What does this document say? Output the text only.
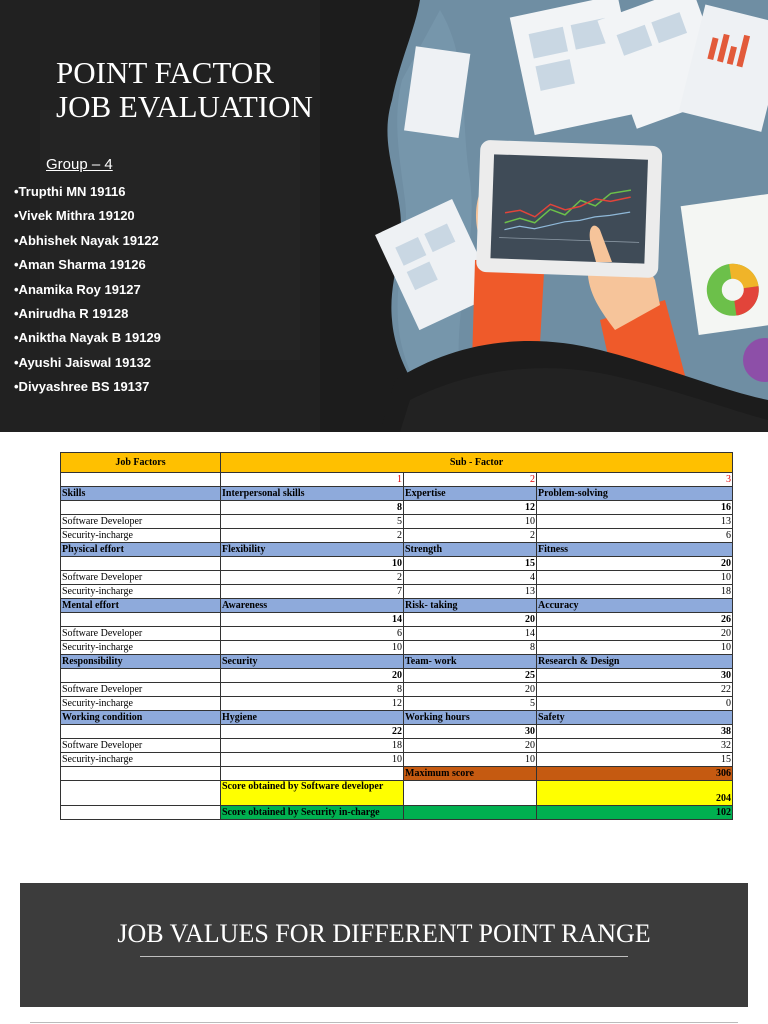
POINT FACTOR
JOB EVALUATION
Group – 4
•Trupthi MN 19116
•Vivek Mithra 19120
•Abhishek Nayak 19122
•Aman Sharma 19126
•Anamika Roy 19127
•Anirudha R 19128
•Aniktha Nayak B 19129
•Ayushi Jaiswal 19132
•Divyashree BS 19137
Job Factors	Sub - Factor		
	1	2	3
Skills	Interpersonal skills	Expertise	Problem-solving
	8	12	16
Software Developer	5	10	13
Security-incharge	2	2	6
Physical effort	Flexibility	Strength	Fitness
	10	15	20
Software Developer	2	4	10
Security-incharge	7	13	18
Mental effort	Awareness	Risk- taking	Accuracy
	14	20	26
Software Developer	6	14	20
Security-incharge	10	8	10
Responsibility	Security	Team- work	Research & Design
	20	25	30
Software Developer	8	20	22
Security-incharge	12	5	0
Working condition	Hygiene	Working hours	Safety
	22	30	38
Software Developer	18	20	32
Security-incharge	10	10	15
		Maximum score	306
	Score obtained by Software developer		204
	Score obtained by Security in-charge		102
JOB VALUES FOR DIFFERENT POINT RANGE
